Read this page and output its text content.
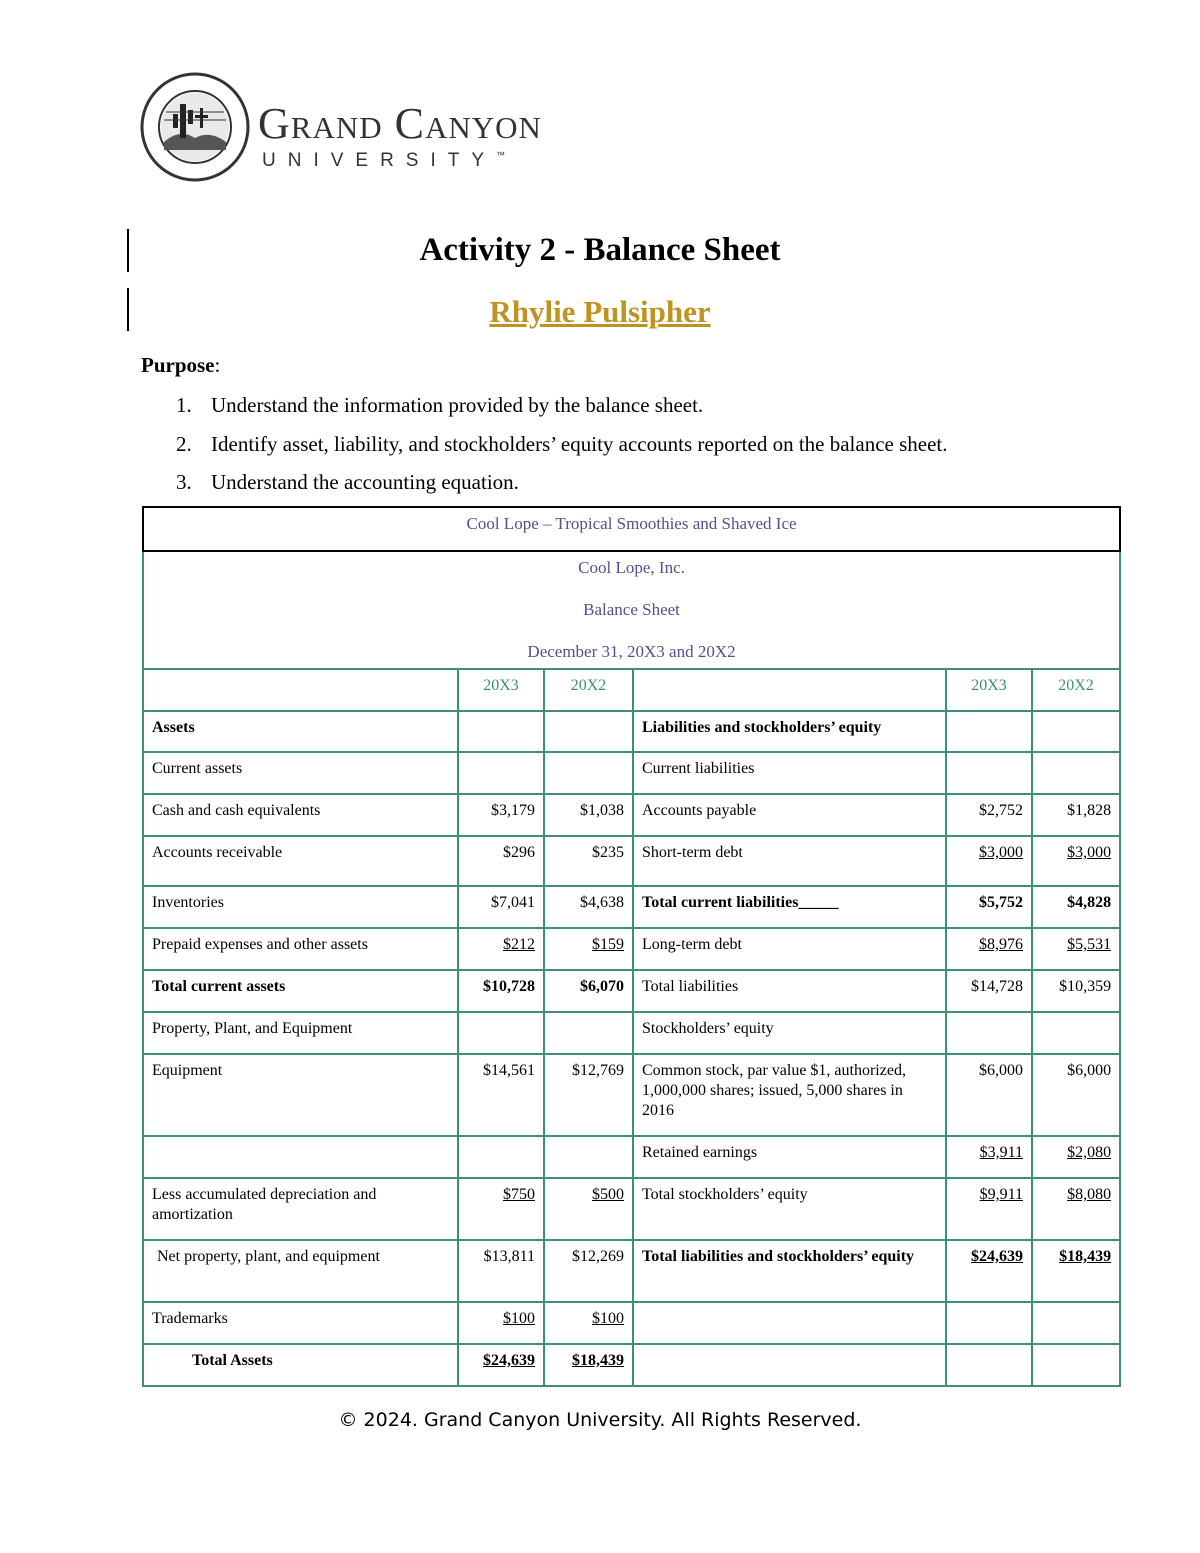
Grand Canyon
UNIVERSITY™
Activity 2 - Balance Sheet
Rhylie Pulsipher
Purpose:
1. Understand the information provided by the balance sheet.
2. Identify asset, liability, and stockholders’ equity accounts reported on the balance sheet.
3. Understand the accounting equation.
Cool Lope – Tropical Smoothies and Shaved Ice					

Cool Lope, Inc.
Balance Sheet
December 31, 20X3 and 20X2					

	20X3	20X2		20X3	20X2
Assets			Liabilities and stockholders’ equity		
Current assets			Current liabilities		
Cash and cash equivalents	$3,179	$1,038	Accounts payable	$2,752	$1,828
Accounts receivable	$296	$235	Short-term debt	$3,000	$3,000
Inventories	$7,041	$4,638	Total current liabilities_____	$5,752	$4,828
Prepaid expenses and other assets	$212	$159	Long-term debt	$8,976	$5,531
Total current assets	$10,728	$6,070	Total liabilities	$14,728	$10,359
Property, Plant, and Equipment			Stockholders’ equity		
Equipment	$14,561	$12,769	Common stock, par value $1, authorized, 1,000,000 shares; issued, 5,000 shares in 2016	$6,000	$6,000
			Retained earnings	$3,911	$2,080
Less accumulated depreciation and amortization	$750	$500	Total stockholders’ equity	$9,911	$8,080
Net property, plant, and equipment	$13,811	$12,269	Total liabilities and stockholders’ equity	$24,639	$18,439
Trademarks	$100	$100			
Total Assets	$24,639	$18,439			
© 2024. Grand Canyon University. All Rights Reserved.
